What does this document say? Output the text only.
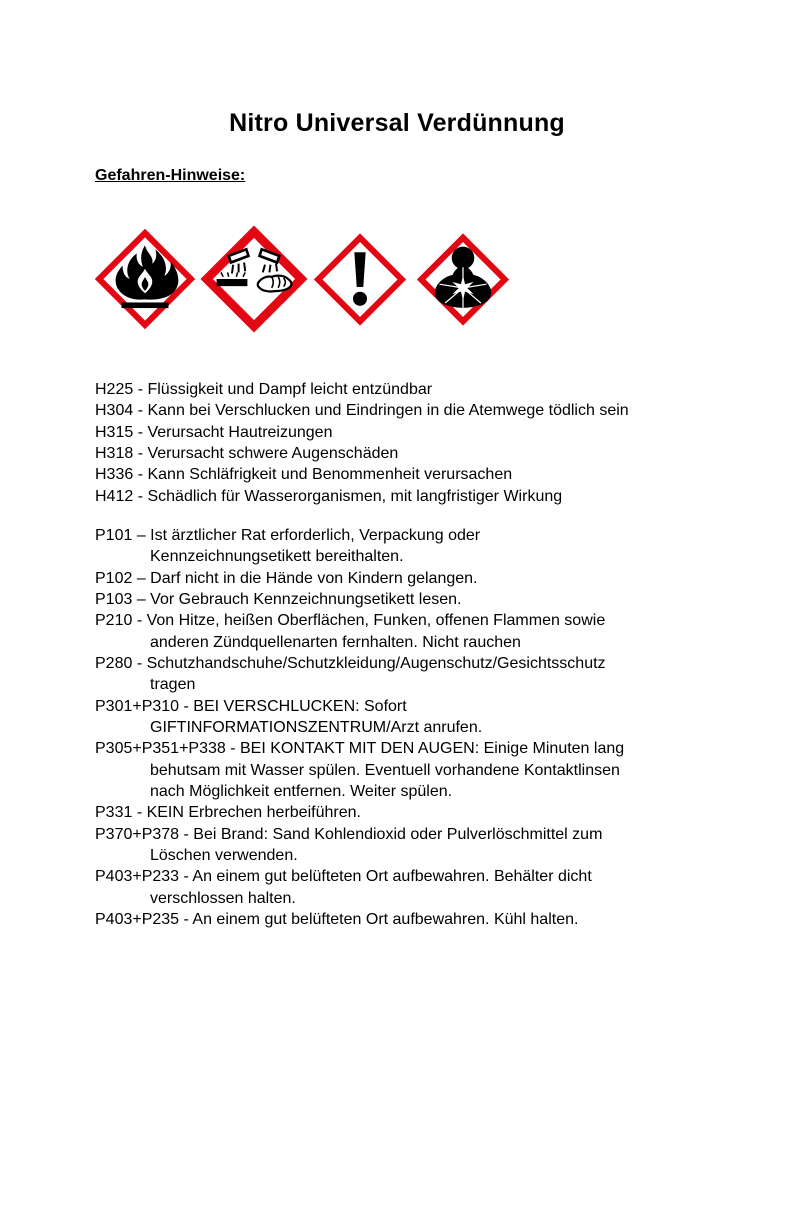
Nitro Universal Verdünnung
Gefahren-Hinweise:
H225 - Flüssigkeit und Dampf leicht entzündbar
H304 - Kann bei Verschlucken und Eindringen in die Atemwege tödlich sein
H315 - Verursacht Hautreizungen
H318 - Verursacht schwere Augenschäden
H336 - Kann Schläfrigkeit und Benommenheit verursachen
H412 - Schädlich für Wasserorganismen, mit langfristiger Wirkung
P101 – Ist ärztlicher Rat erforderlich, Verpackung oder
Kennzeichnungsetikett bereithalten.
P102 – Darf nicht in die Hände von Kindern gelangen.
P103 – Vor Gebrauch Kennzeichnungsetikett lesen.
P210 - Von Hitze, heißen Oberflächen, Funken, offenen Flammen sowie
anderen Zündquellenarten fernhalten. Nicht rauchen
P280 - Schutzhandschuhe/Schutzkleidung/Augenschutz/Gesichtsschutz
tragen
P301+P310 - BEI VERSCHLUCKEN: Sofort
GIFTINFORMATIONSZENTRUM/Arzt anrufen.
P305+P351+P338 - BEI KONTAKT MIT DEN AUGEN: Einige Minuten lang
behutsam mit Wasser spülen. Eventuell vorhandene Kontaktlinsen
nach Möglichkeit entfernen. Weiter spülen.
P331 - KEIN Erbrechen herbeiführen.
P370+P378 - Bei Brand: Sand Kohlendioxid oder Pulverlöschmittel zum
Löschen verwenden.
P403+P233 - An einem gut belüfteten Ort aufbewahren. Behälter dicht
verschlossen halten.
P403+P235 - An einem gut belüfteten Ort aufbewahren. Kühl halten.
